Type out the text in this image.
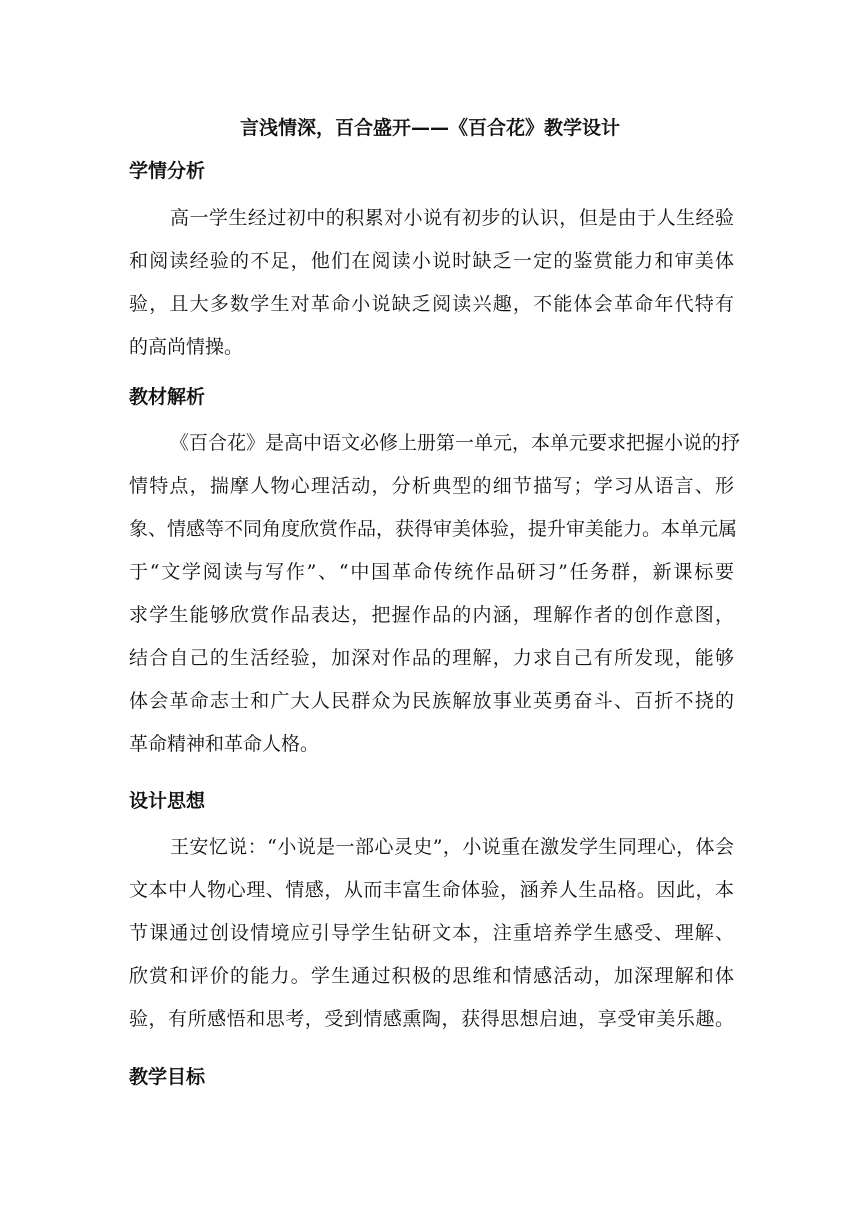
言浅情深，百合盛开——《百合花》教学设计
学情分析
高一学生经过初中的积累对小说有初步的认识，但是由于人生经验
和阅读经验的不足，他们在阅读小说时缺乏一定的鉴赏能力和审美体
验，且大多数学生对革命小说缺乏阅读兴趣，不能体会革命年代特有
的高尚情操。
教材解析
《百合花》是高中语文必修上册第一单元，本单元要求把握小说的抒
情特点，揣摩人物心理活动，分析典型的细节描写；学习从语言、形
象、情感等不同角度欣赏作品，获得审美体验，提升审美能力。本单元属
于“文学阅读与写作”、“中国革命传统作品研习”任务群，新课标要
求学生能够欣赏作品表达，把握作品的内涵，理解作者的创作意图，
结合自己的生活经验，加深对作品的理解，力求自己有所发现，能够
体会革命志士和广大人民群众为民族解放事业英勇奋斗、百折不挠的
革命精神和革命人格。
设计思想
王安忆说：“小说是一部心灵史”，小说重在激发学生同理心，体会
文本中人物心理、情感，从而丰富生命体验，涵养人生品格。因此，本
节课通过创设情境应引导学生钻研文本，注重培养学生感受、理解、
欣赏和评价的能力。学生通过积极的思维和情感活动，加深理解和体
验，有所感悟和思考，受到情感熏陶，获得思想启迪，享受审美乐趣。
教学目标
